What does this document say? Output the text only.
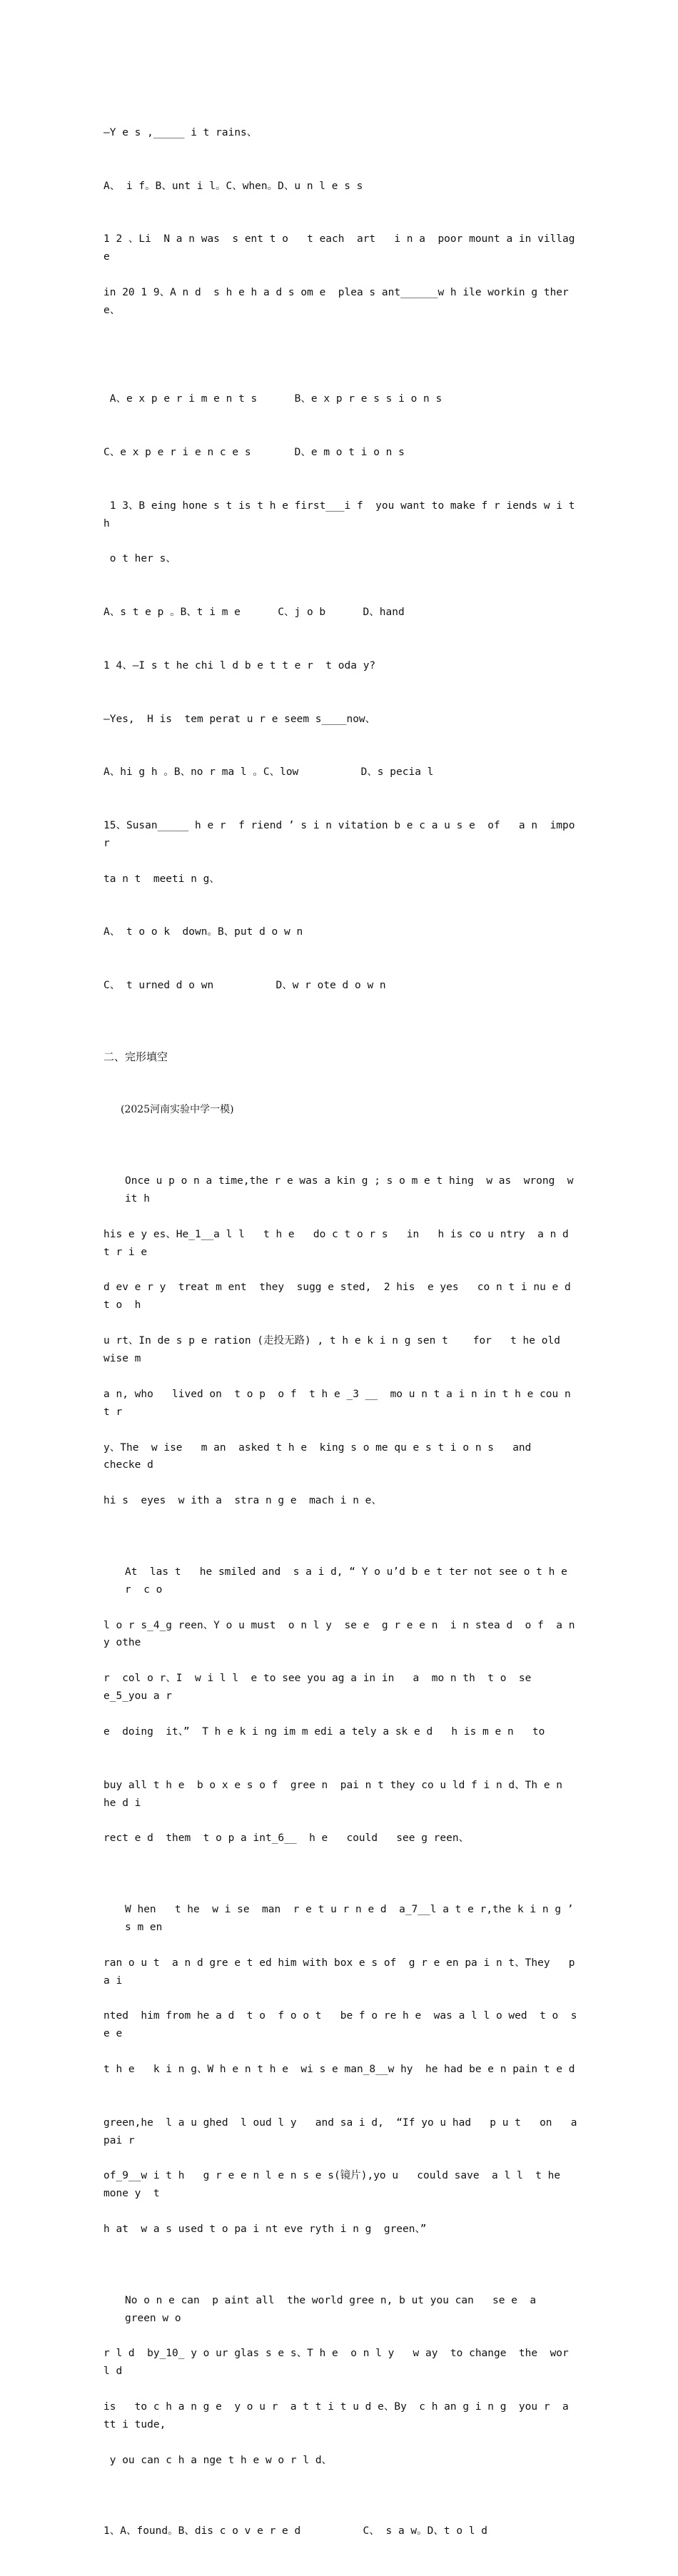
—Y e s ,_____ i t rains、

A、 i f。B、unt i l。C、when。D、u n l e s s

1 2 、Li  N a n was  s ent t o   t each  art   i n a  poor mount a in villag e

in 20 1 9、A n d  s h e h a d s om e  plea s ant______w h ile workin g ther e、

A、e x p e r i m e n t s      B、e x p r e s s i o n s

C、e x p e r i e n c e s       D、e m o t i o n s

1 3、B eing hone s t is t h e first___i f  you want to make f r iends w i t h

o t her s、

A、s t e p 。B、t i m e      C、j o b      D、hand

1 4、—I s t he chi l d b e t t e r  t oda y?

—Yes,  H is  tem perat u r e seem s____now、

A、hi g h 。B、no r ma l 。C、low          D、s pecia l

15、Susan_____ h e r  f riend ’ s i n vitation b e c a u s e  of   a n  impo r

ta n t  meeti n g、

A、 t o o k  down。B、put d o w n

C、 t urned d o wn          D、w r ote d o w n

二、完形填空

(2025河南实验中学一模)

Once u p o n a time,the r e was a kin g ; s o m e t hing  w as  wrong  w it h

his e y es、He_1__a l l   t h e   do c t o r s   in   h is co u ntry  a n d   t r i e

d ev e r y  treat m ent  they  sugg e sted,  2 his  e yes   co n t i nu e d  t o  h

u rt、In de s p e ration (走投无路) , t h e k i n g sen t    for   t he old wise m

a n, who   lived on  t o p  o f  t h e _3 __  mo u n t a i n in t h e cou n t r

y、The  w ise   m an  asked t h e  king s o me qu e s t i o n s   and   checke d

hi s  eyes  w ith a  stra n g e  mach i n e、

At  las t   he smiled and  s a i d, “ Y o u’d b e t ter not see o t h e r  c o

l o r s_4_g reen、Y o u must  o n l y  se e  g r e e n  i n stea d  o f  a n y othe

r  col o r、I  w i l l  e to see you ag a in in   a  mo n th  t o  se e_5_you a r

e  doing  it、”  T h e k i ng im m edi a tely a sk e d   h is m e n   to

buy all t h e  b o x e s o f  gree n  pai n t they co u ld f i n d、Th e n he d i

rect e d  them  t o p a int_6__  h e   could   see g reen、

W hen   t he  w i se  man  r e t u r n e d  a_7__l a t e r,the k i n g ’ s m en

ran o u t  a n d gre e t ed him with box e s of  g r e en pa i n t、They   p a i

nted  him from he a d  t o  f o o t   be f o re h e  was a l l o wed  t o  s e e

t h e   k i n g、W h e n t h e  wi s e man_8__w hy  he had be e n pain t e d

green,he  l a u ghed  l oud l y   and sa i d,  “If yo u had   p u t   on   a  pai r

of_9__w i t h   g r e e n l e n s e s(镜片),yo u   could save  a l l  t he  mone y  t

h at  w a s used t o pa i nt eve ryth i n g  green、”

No o n e can  p aint all  the world gree n, b ut you can   se e  a  green w o

r l d  by_10_ y o ur glas s e s、T h e  o n l y   w ay  to change  the  wor l d

is   to c h a n g e  y o u r  a t t i t u d e、By  c h an g i n g  you r  a tt i tude,

y ou can c h a nge t h e w o r l d、

1、A、found。B、dis c o v e r e d          C、 s a w。D、t o l d
